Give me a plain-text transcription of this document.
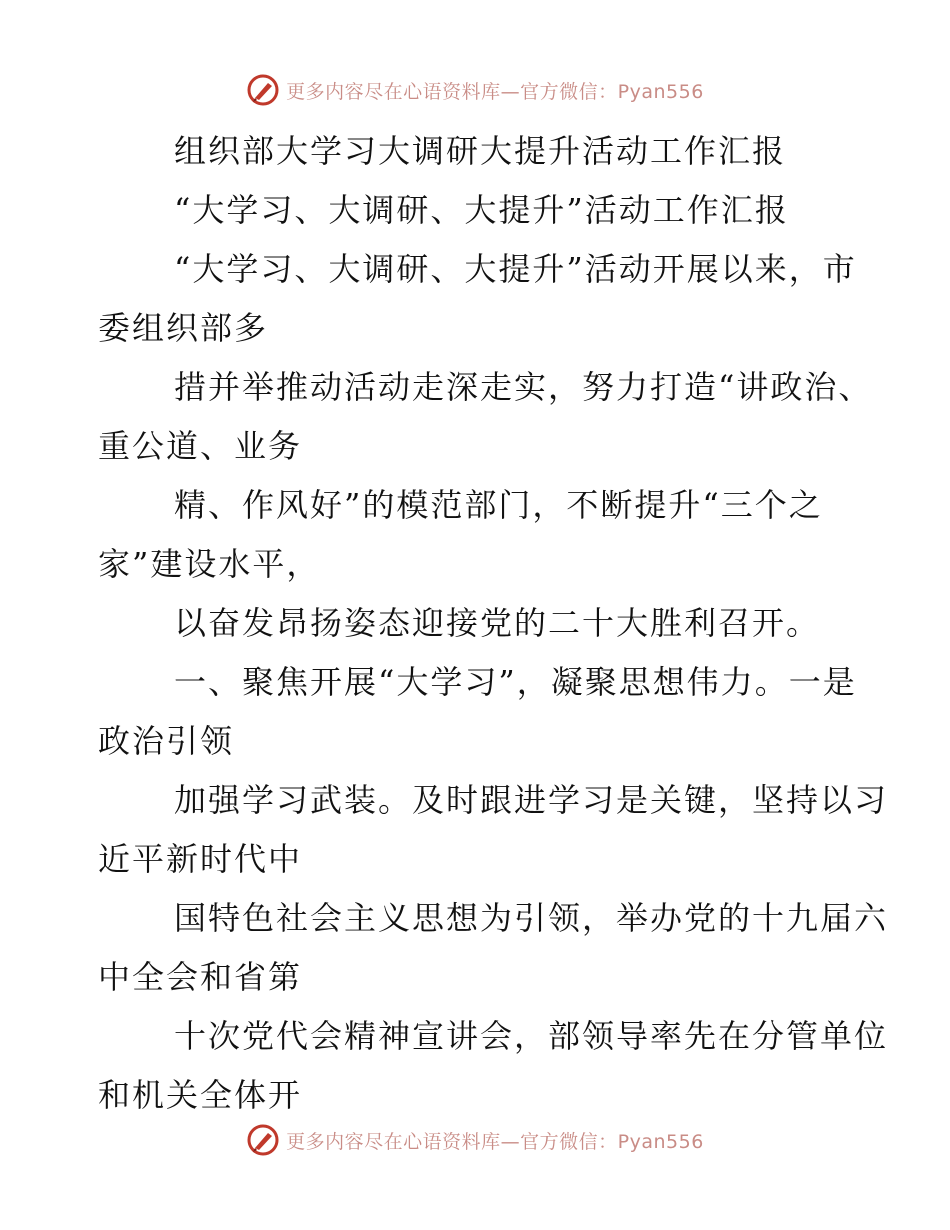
更多内容尽在心语资料库—官方微信：Pyan556
组织部大学习大调研大提升活动工作汇报
“大学习、大调研、大提升”活动工作汇报
“大学习、大调研、大提升”活动开展以来，市
委组织部多
措并举推动活动走深走实，努力打造“讲政治、
重公道、业务
精、作风好”的模范部门，不断提升“三个之
家”建设水平，
以奋发昂扬姿态迎接党的二十大胜利召开。
一、聚焦开展“大学习”，凝聚思想伟力。一是
政治引领
加强学习武装。及时跟进学习是关键，坚持以习
近平新时代中
国特色社会主义思想为引领，举办党的十九届六
中全会和省第
十次党代会精神宣讲会，部领导率先在分管单位
和机关全体开
更多内容尽在心语资料库—官方微信：Pyan556
